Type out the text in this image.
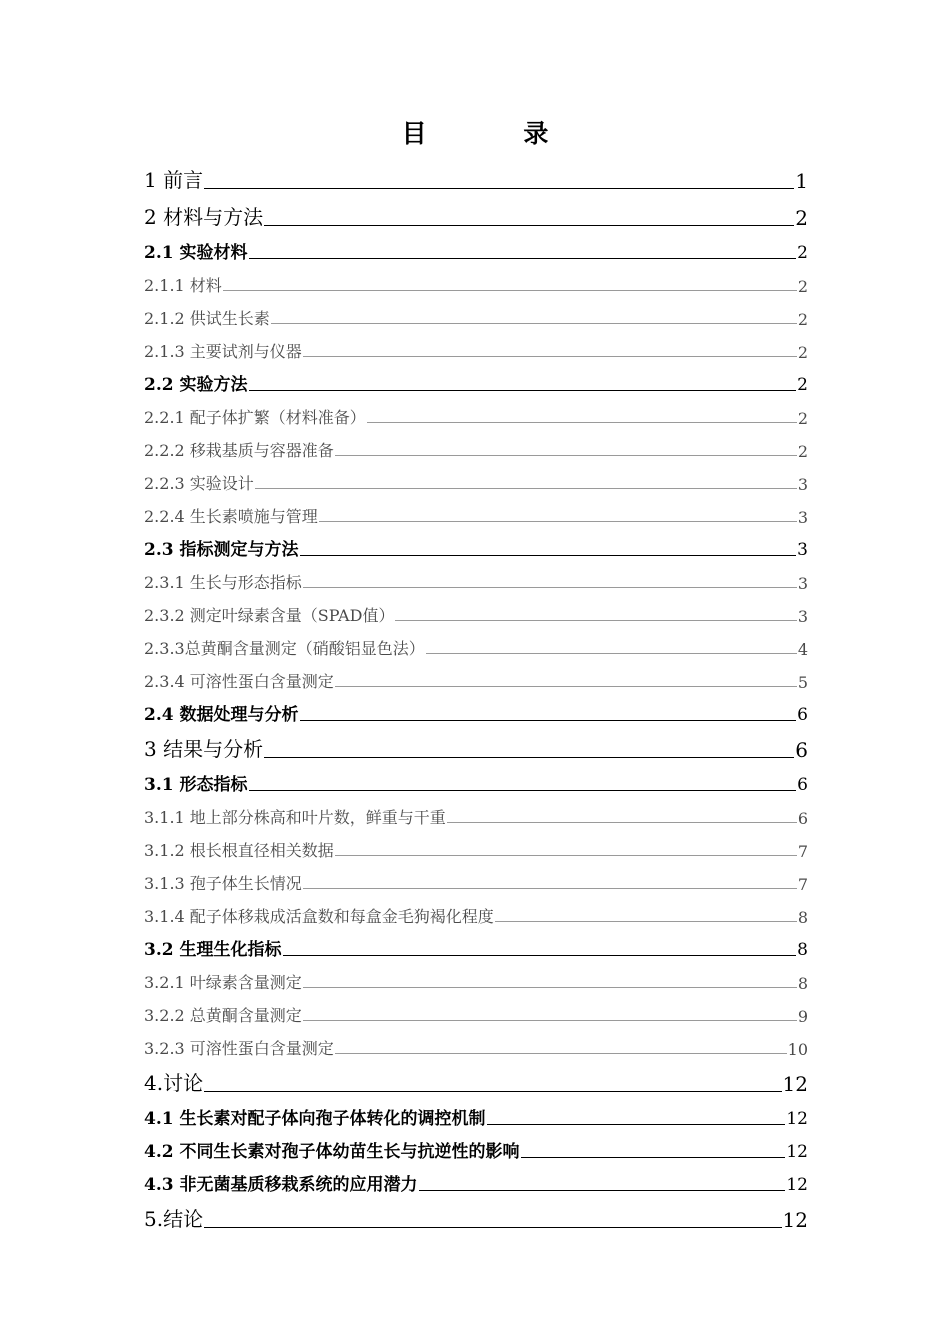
目 录
1 前言	1
2 材料与方法	2
2.1 实验材料	2
2.1.1 材料	2
2.1.2 供试生长素	2
2.1.3 主要试剂与仪器	2
2.2 实验方法	2
2.2.1 配子体扩繁（材料准备）	2
2.2.2 移栽基质与容器准备	2
2.2.3 实验设计	3
2.2.4 生长素喷施与管理	3
2.3 指标测定与方法	3
2.3.1 生长与形态指标	3
2.3.2 测定叶绿素含量（SPAD值）	3
2.3.3总黄酮含量测定（硝酸铝显色法）	4
2.3.4 可溶性蛋白含量测定	5
2.4 数据处理与分析	6
3 结果与分析	6
3.1 形态指标	6
3.1.1 地上部分株高和叶片数，鲜重与干重	6
3.1.2 根长根直径相关数据	7
3.1.3 孢子体生长情况	7
3.1.4 配子体移栽成活盒数和每盒金毛狗褐化程度	8
3.2 生理生化指标	8
3.2.1 叶绿素含量测定	8
3.2.2 总黄酮含量测定	9
3.2.3 可溶性蛋白含量测定	10
4.讨论	12
4.1 生长素对配子体向孢子体转化的调控机制	12
4.2 不同生长素对孢子体幼苗生长与抗逆性的影响	12
4.3 非无菌基质移栽系统的应用潜力	12
5.结论	12
